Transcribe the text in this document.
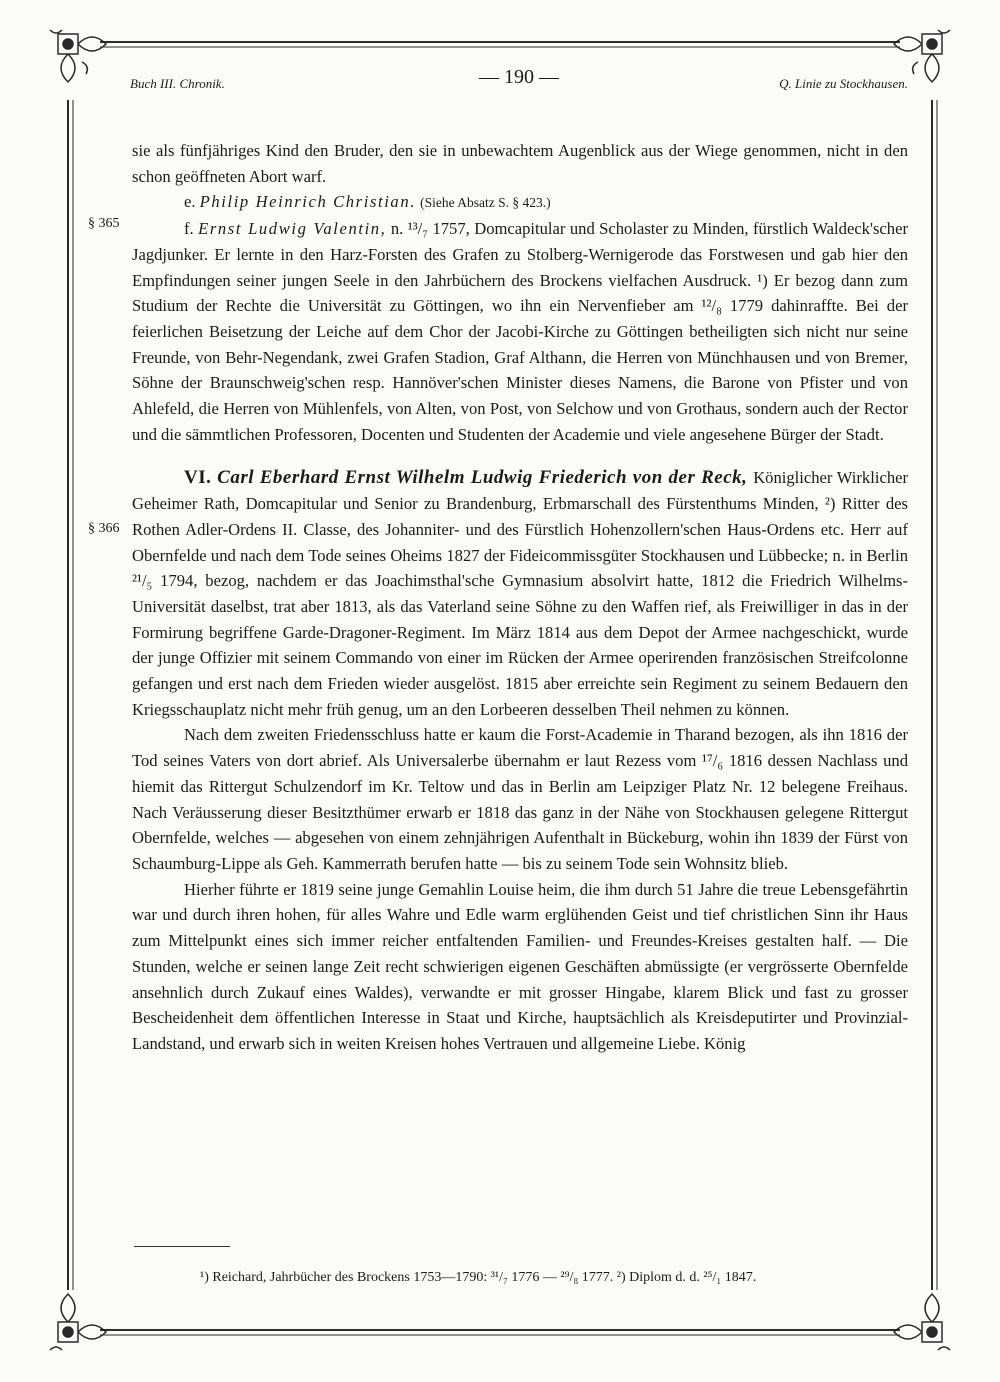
Buch III. Chronik.	— 190 —	Q. Linie zu Stockhausen.
§ 365
§ 366

sie als fünfjähriges Kind den Bruder, den sie in unbewachtem Augenblick aus der Wiege genommen, nicht in den schon geöffneten Abort warf.

e. Philip Heinrich Christian. (Siehe Absatz S. § 423.)

f. Ernst Ludwig Valentin, n. ¹³/₇ 1757, Domcapitular und Scholaster zu Minden, fürstlich Waldeck'scher Jagdjunker. Er lernte in den Harz-Forsten des Grafen zu Stolberg-Wernigerode das Forstwesen und gab hier den Empfindungen seiner jungen Seele in den Jahrbüchern des Brockens vielfachen Ausdruck. ¹) Er bezog dann zum Studium der Rechte die Universität zu Göttingen, wo ihn ein Nervenfieber am ¹²/₈ 1779 dahinraffte. Bei der feierlichen Beisetzung der Leiche auf dem Chor der Jacobi-Kirche zu Göttingen betheiligten sich nicht nur seine Freunde, von Behr-Negendank, zwei Grafen Stadion, Graf Althann, die Herren von Münchhausen und von Bremer, Söhne der Braunschweig'schen resp. Hannöver'schen Minister dieses Namens, die Barone von Pfister und von Ahlefeld, die Herren von Mühlenfels, von Alten, von Post, von Selchow und von Grothaus, sondern auch der Rector und die sämmtlichen Professoren, Docenten und Studenten der Academie und viele angesehene Bürger der Stadt.

VI. Carl Eberhard Ernst Wilhelm Ludwig Friederich von der Reck, Königlicher Wirklicher Geheimer Rath, Domcapitular und Senior zu Brandenburg, Erbmarschall des Fürstenthums Minden, ²) Ritter des Rothen Adler-Ordens II. Classe, des Johanniter- und des Fürstlich Hohenzollern'schen Haus-Ordens etc. Herr auf Obernfelde und nach dem Tode seines Oheims 1827 der Fideicommissgüter Stockhausen und Lübbecke; n. in Berlin ²¹/₅ 1794, bezog, nachdem er das Joachimsthal'sche Gymnasium absolvirt hatte, 1812 die Friedrich Wilhelms-Universität daselbst, trat aber 1813, als das Vaterland seine Söhne zu den Waffen rief, als Freiwilliger in das in der Formirung begriffene Garde-Dragoner-Regiment. Im März 1814 aus dem Depot der Armee nachgeschickt, wurde der junge Offizier mit seinem Commando von einer im Rücken der Armee operirenden französischen Streifcolonne gefangen und erst nach dem Frieden wieder ausgelöst. 1815 aber erreichte sein Regiment zu seinem Bedauern den Kriegsschauplatz nicht mehr früh genug, um an den Lorbeeren desselben Theil nehmen zu können.

Nach dem zweiten Friedensschluss hatte er kaum die Forst-Academie in Tharand bezogen, als ihn 1816 der Tod seines Vaters von dort abrief. Als Universalerbe übernahm er laut Rezess vom ¹⁷/₆ 1816 dessen Nachlass und hiemit das Rittergut Schulzendorf im Kr. Teltow und das in Berlin am Leipziger Platz Nr. 12 belegene Freihaus. Nach Veräusserung dieser Besitzthümer erwarb er 1818 das ganz in der Nähe von Stockhausen gelegene Rittergut Obernfelde, welches — abgesehen von einem zehnjährigen Aufenthalt in Bückeburg, wohin ihn 1839 der Fürst von Schaumburg-Lippe als Geh. Kammerrath berufen hatte — bis zu seinem Tode sein Wohnsitz blieb.

Hierher führte er 1819 seine junge Gemahlin Louise heim, die ihm durch 51 Jahre die treue Lebensgefährtin war und durch ihren hohen, für alles Wahre und Edle warm erglühenden Geist und tief christlichen Sinn ihr Haus zum Mittelpunkt eines sich immer reicher entfaltenden Familien- und Freundes-Kreises gestalten half. — Die Stunden, welche er seinen lange Zeit recht schwierigen eigenen Geschäften abmüssigte (er vergrösserte Obernfelde ansehnlich durch Zukauf eines Waldes), verwandte er mit grosser Hingabe, klarem Blick und fast zu grosser Bescheidenheit dem öffentlichen Interesse in Staat und Kirche, hauptsächlich als Kreisdeputirter und Provinzial-Landstand, und erwarb sich in weiten Kreisen hohes Vertrauen und allgemeine Liebe. König

¹) Reichard, Jahrbücher des Brockens 1753—1790: ³¹/₇ 1776 — ²⁹/₈ 1777. ²) Diplom d. d. ²⁵/₁ 1847.
